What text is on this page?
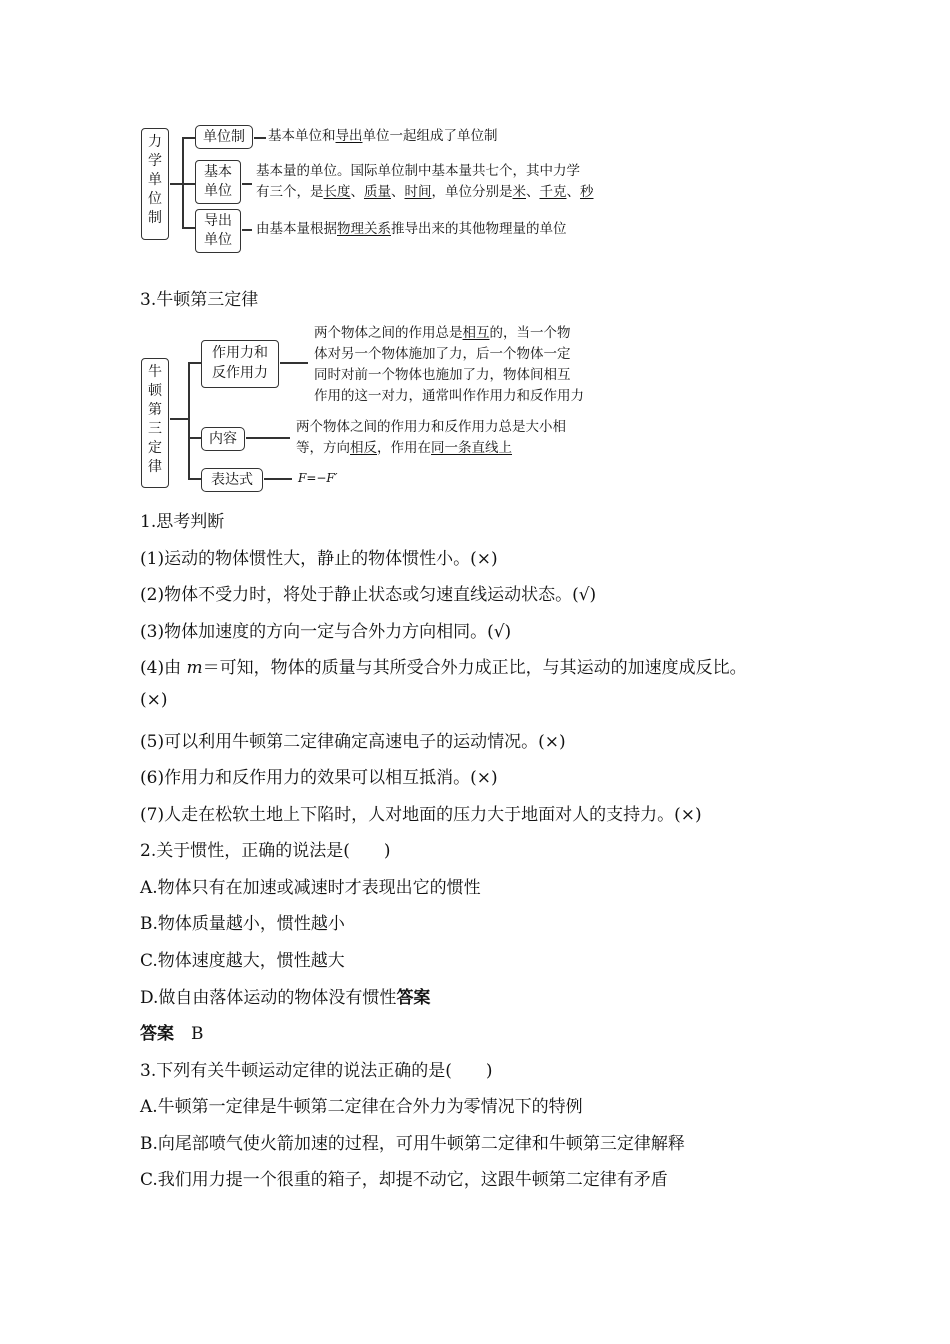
力
学
单
位
制
单位制	基本单位和导出单位一起组成了单位制
基本
单位
基本量的单位。国际单位制中基本量共七个，其中力学
有三个，是长度、质量、时间，单位分别是米、千克、秒
导出
单位
由基本量根据物理关系推导出来的其他物理量的单位
3.牛顿第三定律
牛
顿
第
三
定
律
作用力和
反作用力
两个物体之间的作用总是相互的，当一个物
体对另一个物体施加了力，后一个物体一定
同时对前一个物体也施加了力，物体间相互
作用的这一对力，通常叫作作用力和反作用力
内容
两个物体之间的作用力和反作用力总是大小相
等，方向相反，作用在同一条直线上
表达式	F=−F′
1.思考判断
(1)运动的物体惯性大，静止的物体惯性小。(×)
(2)物体不受力时，将处于静止状态或匀速直线运动状态。(√)
(3)物体加速度的方向一定与合外力方向相同。(√)
(4)由 m＝可知，物体的质量与其所受合外力成正比，与其运动的加速度成反比。
(×)
(5)可以利用牛顿第二定律确定高速电子的运动情况。(×)
(6)作用力和反作用力的效果可以相互抵消。(×)
(7)人走在松软土地上下陷时，人对地面的压力大于地面对人的支持力。(×)
2.关于惯性，正确的说法是(　　)
A.物体只有在加速或减速时才表现出它的惯性
B.物体质量越小，惯性越小
C.物体速度越大，惯性越大
D.做自由落体运动的物体没有惯性答案
答案　 B
3.下列有关牛顿运动定律的说法正确的是(　　)
A.牛顿第一定律是牛顿第二定律在合外力为零情况下的特例
B.向尾部喷气使火箭加速的过程，可用牛顿第二定律和牛顿第三定律解释
C.我们用力提一个很重的箱子，却提不动它，这跟牛顿第二定律有矛盾
